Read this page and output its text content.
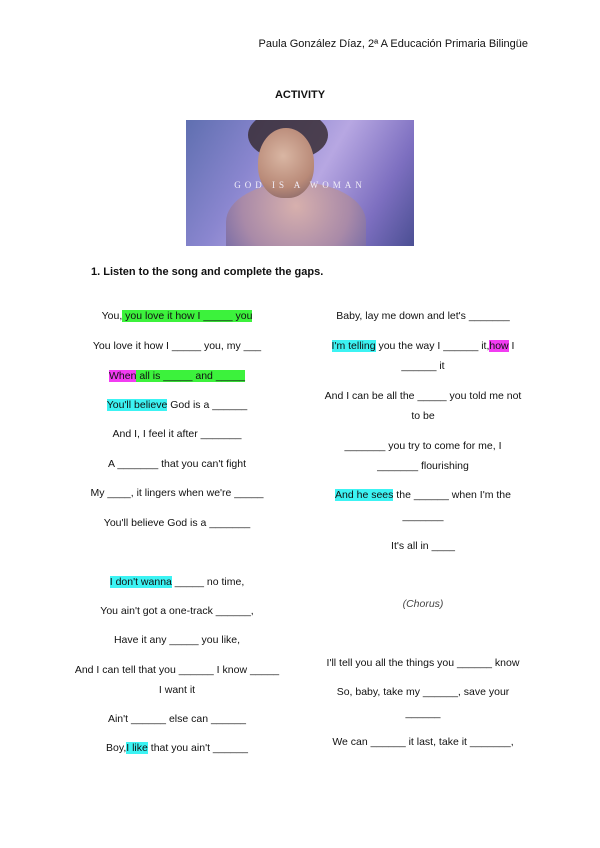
Paula González Díaz, 2ª A Educación Primaria Bilingüe
ACTIVITY
GOD IS A WOMAN
1. Listen to the song and complete the gaps.
You, you love it how I _____ you
You love it how I _____ you, my ___
When all is _____ and _____
You'll believe God is a ______
And I, I feel it after _______
A _______ that you can't fight
My ____, it lingers when we're _____
You'll believe God is a _______
I don't wanna _____ no time,
You ain't got a one-track ______,
Have it any _____ you like,
And I can tell that you ______ I know _____
I want it
Ain't ______ else can ______
Boy,I like that you ain't ______
Baby, lay me down and let's _______
I'm telling you the way I ______ it,how I
______ it
And I can be all the _____ you told me not
to be
_______ you try to come for me, I
_______ flourishing
And he sees the ______ when I'm the
_______
It's all in ____
(Chorus)
I'll tell you all the things you ______ know
So, baby, take my ______, save your
______
We can ______ it last, take it _______,
